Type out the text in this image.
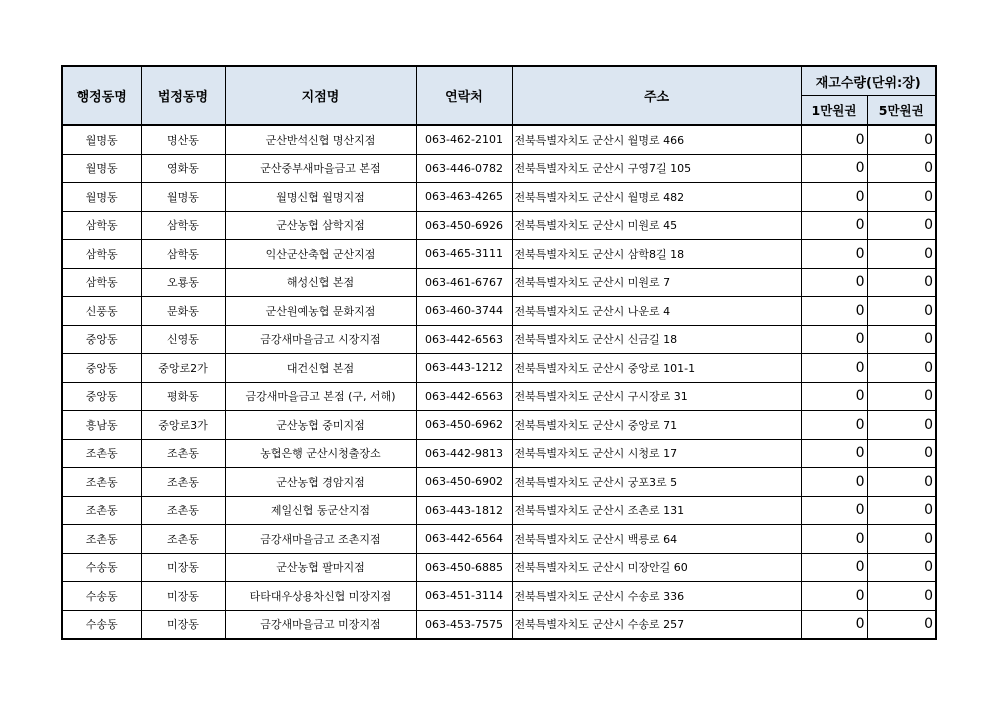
행정동명	법정동명	지점명	연락처	주소	재고수량(단위:장)	
					1만원권	5만원권
월명동	명산동	군산반석신협 명산지점	063-462-2101	전북특별자치도 군산시 월명로 466	0	0
월명동	영화동	군산중부새마을금고 본점	063-446-0782	전북특별자치도 군산시 구영7길 105	0	0
월명동	월명동	월명신협 월명지점	063-463-4265	전북특별자치도 군산시 월명로 482	0	0
삼학동	삼학동	군산농협 삼학지점	063-450-6926	전북특별자치도 군산시 미원로 45	0	0
삼학동	삼학동	익산군산축협 군산지점	063-465-3111	전북특별자치도 군산시 삼학8길 18	0	0
삼학동	오룡동	해성신협 본점	063-461-6767	전북특별자치도 군산시 미원로 7	0	0
신풍동	문화동	군산원예농협 문화지점	063-460-3744	전북특별자치도 군산시 나운로 4	0	0
중앙동	신영동	금강새마을금고 시장지점	063-442-6563	전북특별자치도 군산시 신금길 18	0	0
중앙동	중앙로2가	대건신협 본점	063-443-1212	전북특별자치도 군산시 중앙로 101-1	0	0
중앙동	평화동	금강새마을금고 본점 (구, 서해)	063-442-6563	전북특별자치도 군산시 구시장로 31	0	0
흥남동	중앙로3가	군산농협 중미지점	063-450-6962	전북특별자치도 군산시 중앙로 71	0	0
조촌동	조촌동	농협은행 군산시청출장소	063-442-9813	전북특별자치도 군산시 시청로 17	0	0
조촌동	조촌동	군산농협 경암지점	063-450-6902	전북특별자치도 군산시 궁포3로 5	0	0
조촌동	조촌동	제일신협 동군산지점	063-443-1812	전북특별자치도 군산시 조촌로 131	0	0
조촌동	조촌동	금강새마을금고 조촌지점	063-442-6564	전북특별자치도 군산시 백릉로 64	0	0
수송동	미장동	군산농협 팔마지점	063-450-6885	전북특별자치도 군산시 미장안길 60	0	0
수송동	미장동	타타대우상용차신협 미장지점	063-451-3114	전북특별자치도 군산시 수송로 336	0	0
수송동	미장동	금강새마을금고 미장지점	063-453-7575	전북특별자치도 군산시 수송로 257	0	0
